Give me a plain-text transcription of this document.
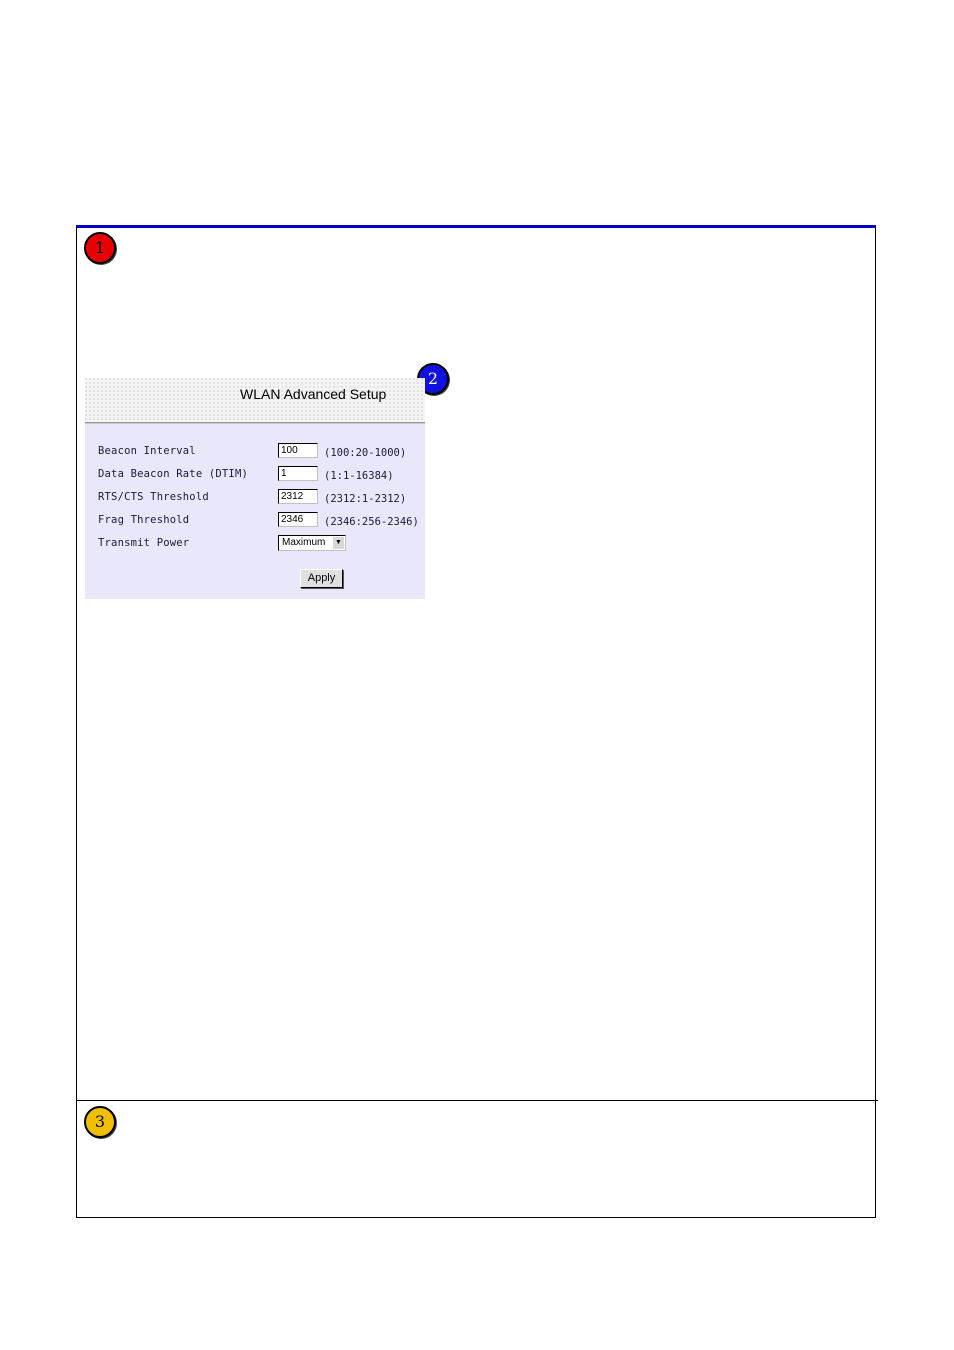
1
2
3
WLAN Advanced Setup
Beacon Interval	100	(100:20-1000)
Data Beacon Rate (DTIM)	1	(1:1-16384)
RTS/CTS Threshold	2312	(2312:1-2312)
Frag Threshold	2346	(2346:256-2346)
Transmit Power	Maximum	▼
Apply
